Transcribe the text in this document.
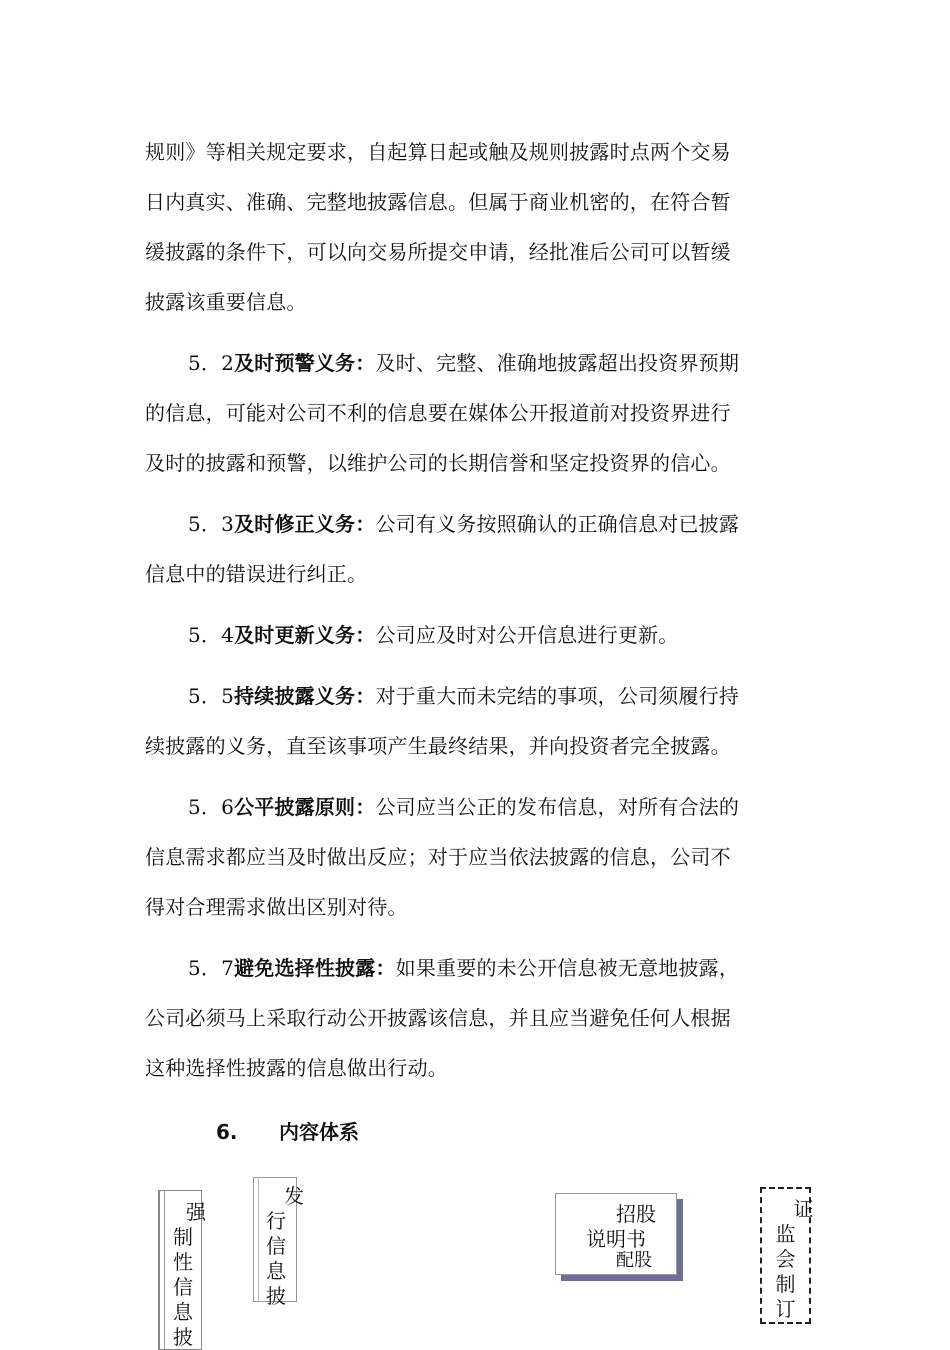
规则》等相关规定要求，自起算日起或触及规则披露时点两个交易
日内真实、准确、完整地披露信息。但属于商业机密的，在符合暂
缓披露的条件下，可以向交易所提交申请，经批准后公司可以暂缓
披露该重要信息。

5．2及时预警义务：及时、完整、准确地披露超出投资界预期
的信息，可能对公司不利的信息要在媒体公开报道前对投资界进行
及时的披露和预警，以维护公司的长期信誉和坚定投资界的信心。

5．3及时修正义务：公司有义务按照确认的正确信息对已披露
信息中的错误进行纠正。

5．4及时更新义务：公司应及时对公开信息进行更新。

5．5持续披露义务：对于重大而未完结的事项，公司须履行持
续披露的义务，直至该事项产生最终结果，并向投资者完全披露。

5．6公平披露原则：公司应当公正的发布信息，对所有合法的
信息需求都应当及时做出反应；对于应当依法披露的信息，公司不
得对合理需求做出区别对待。

5．7避免选择性披露：如果重要的未公开信息被无意地披露，
公司必须马上采取行动公开披露该信息，并且应当避免任何人根据
这种选择性披露的信息做出行动。

6. 内容体系
强
制
性
信
息
披
发
行
信
息
披
招股
说明书
配股
证
监
会
制
订
